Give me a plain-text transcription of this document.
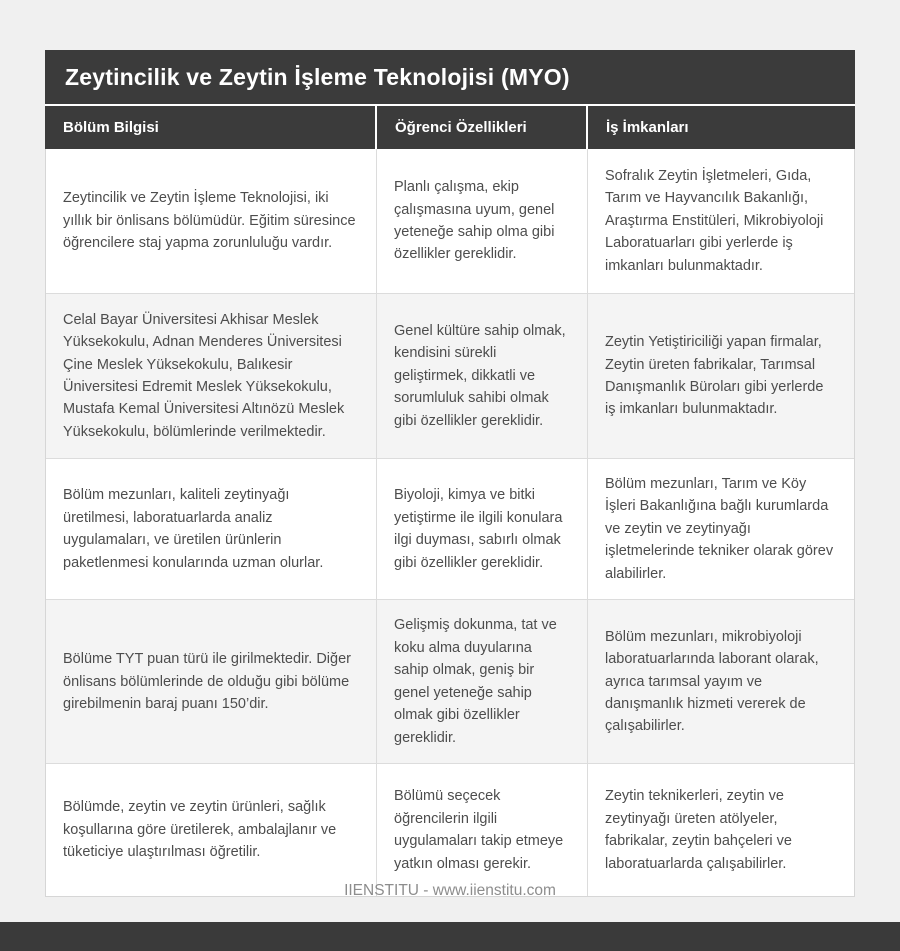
Zeytincilik ve Zeytin İşleme Teknolojisi (MYO)
Bölüm Bilgisi	Öğrenci Özellikleri	İş İmkanları
Zeytincilik ve Zeytin İşleme Teknolojisi, iki yıllık bir önlisans bölümüdür. Eğitim süresince öğrencilere staj yapma zorunluluğu vardır.
Planlı çalışma, ekip çalışmasına uyum, genel yeteneğe sahip olma gibi özellikler gereklidir.
Sofralık Zeytin İşletmeleri, Gıda, Tarım ve Hayvancılık Bakanlığı, Araştırma Enstitüleri, Mikrobiyoloji Laboratuarları gibi yerlerde iş imkanları bulunmaktadır.
Celal Bayar Üniversitesi Akhisar Meslek Yüksekokulu, Adnan Menderes Üniversitesi Çine Meslek Yüksekokulu, Balıkesir Üniversitesi Edremit Meslek Yüksekokulu, Mustafa Kemal Üniversitesi Altınözü Meslek Yüksekokulu, bölümlerinde verilmektedir.
Genel kültüre sahip olmak, kendisini sürekli geliştirmek, dikkatli ve sorumluluk sahibi olmak gibi özellikler gereklidir.
Zeytin Yetiştiriciliği yapan firmalar, Zeytin üreten fabrikalar, Tarımsal Danışmanlık Büroları gibi yerlerde iş imkanları bulunmaktadır.
Bölüm mezunları, kaliteli zeytinyağı üretilmesi, laboratuarlarda analiz uygulamaları, ve üretilen ürünlerin paketlenmesi konularında uzman olurlar.
Biyoloji, kimya ve bitki yetiştirme ile ilgili konulara ilgi duyması, sabırlı olmak gibi özellikler gereklidir.
Bölüm mezunları, Tarım ve Köy İşleri Bakanlığına bağlı kurumlarda ve zeytin ve zeytinyağı işletmelerinde tekniker olarak görev alabilirler.
Bölüme TYT puan türü ile girilmektedir. Diğer önlisans bölümlerinde de olduğu gibi bölüme girebilmenin baraj puanı 150’dir.
Gelişmiş dokunma, tat ve koku alma duyularına sahip olmak, geniş bir genel yeteneğe sahip olmak gibi özellikler gereklidir.
Bölüm mezunları, mikrobiyoloji laboratuarlarında laborant olarak, ayrıca tarımsal yayım ve danışmanlık hizmeti vererek de çalışabilirler.
Bölümde, zeytin ve zeytin ürünleri, sağlık koşullarına göre üretilerek, ambalajlanır ve tüketiciye ulaştırılması öğretilir.
Bölümü seçecek öğrencilerin ilgili uygulamaları takip etmeye yatkın olması gerekir.
Zeytin teknikerleri, zeytin ve zeytinyağı üreten atölyeler, fabrikalar, zeytin bahçeleri ve laboratuarlarda çalışabilirler.
IIENSTITU - www.iienstitu.com
